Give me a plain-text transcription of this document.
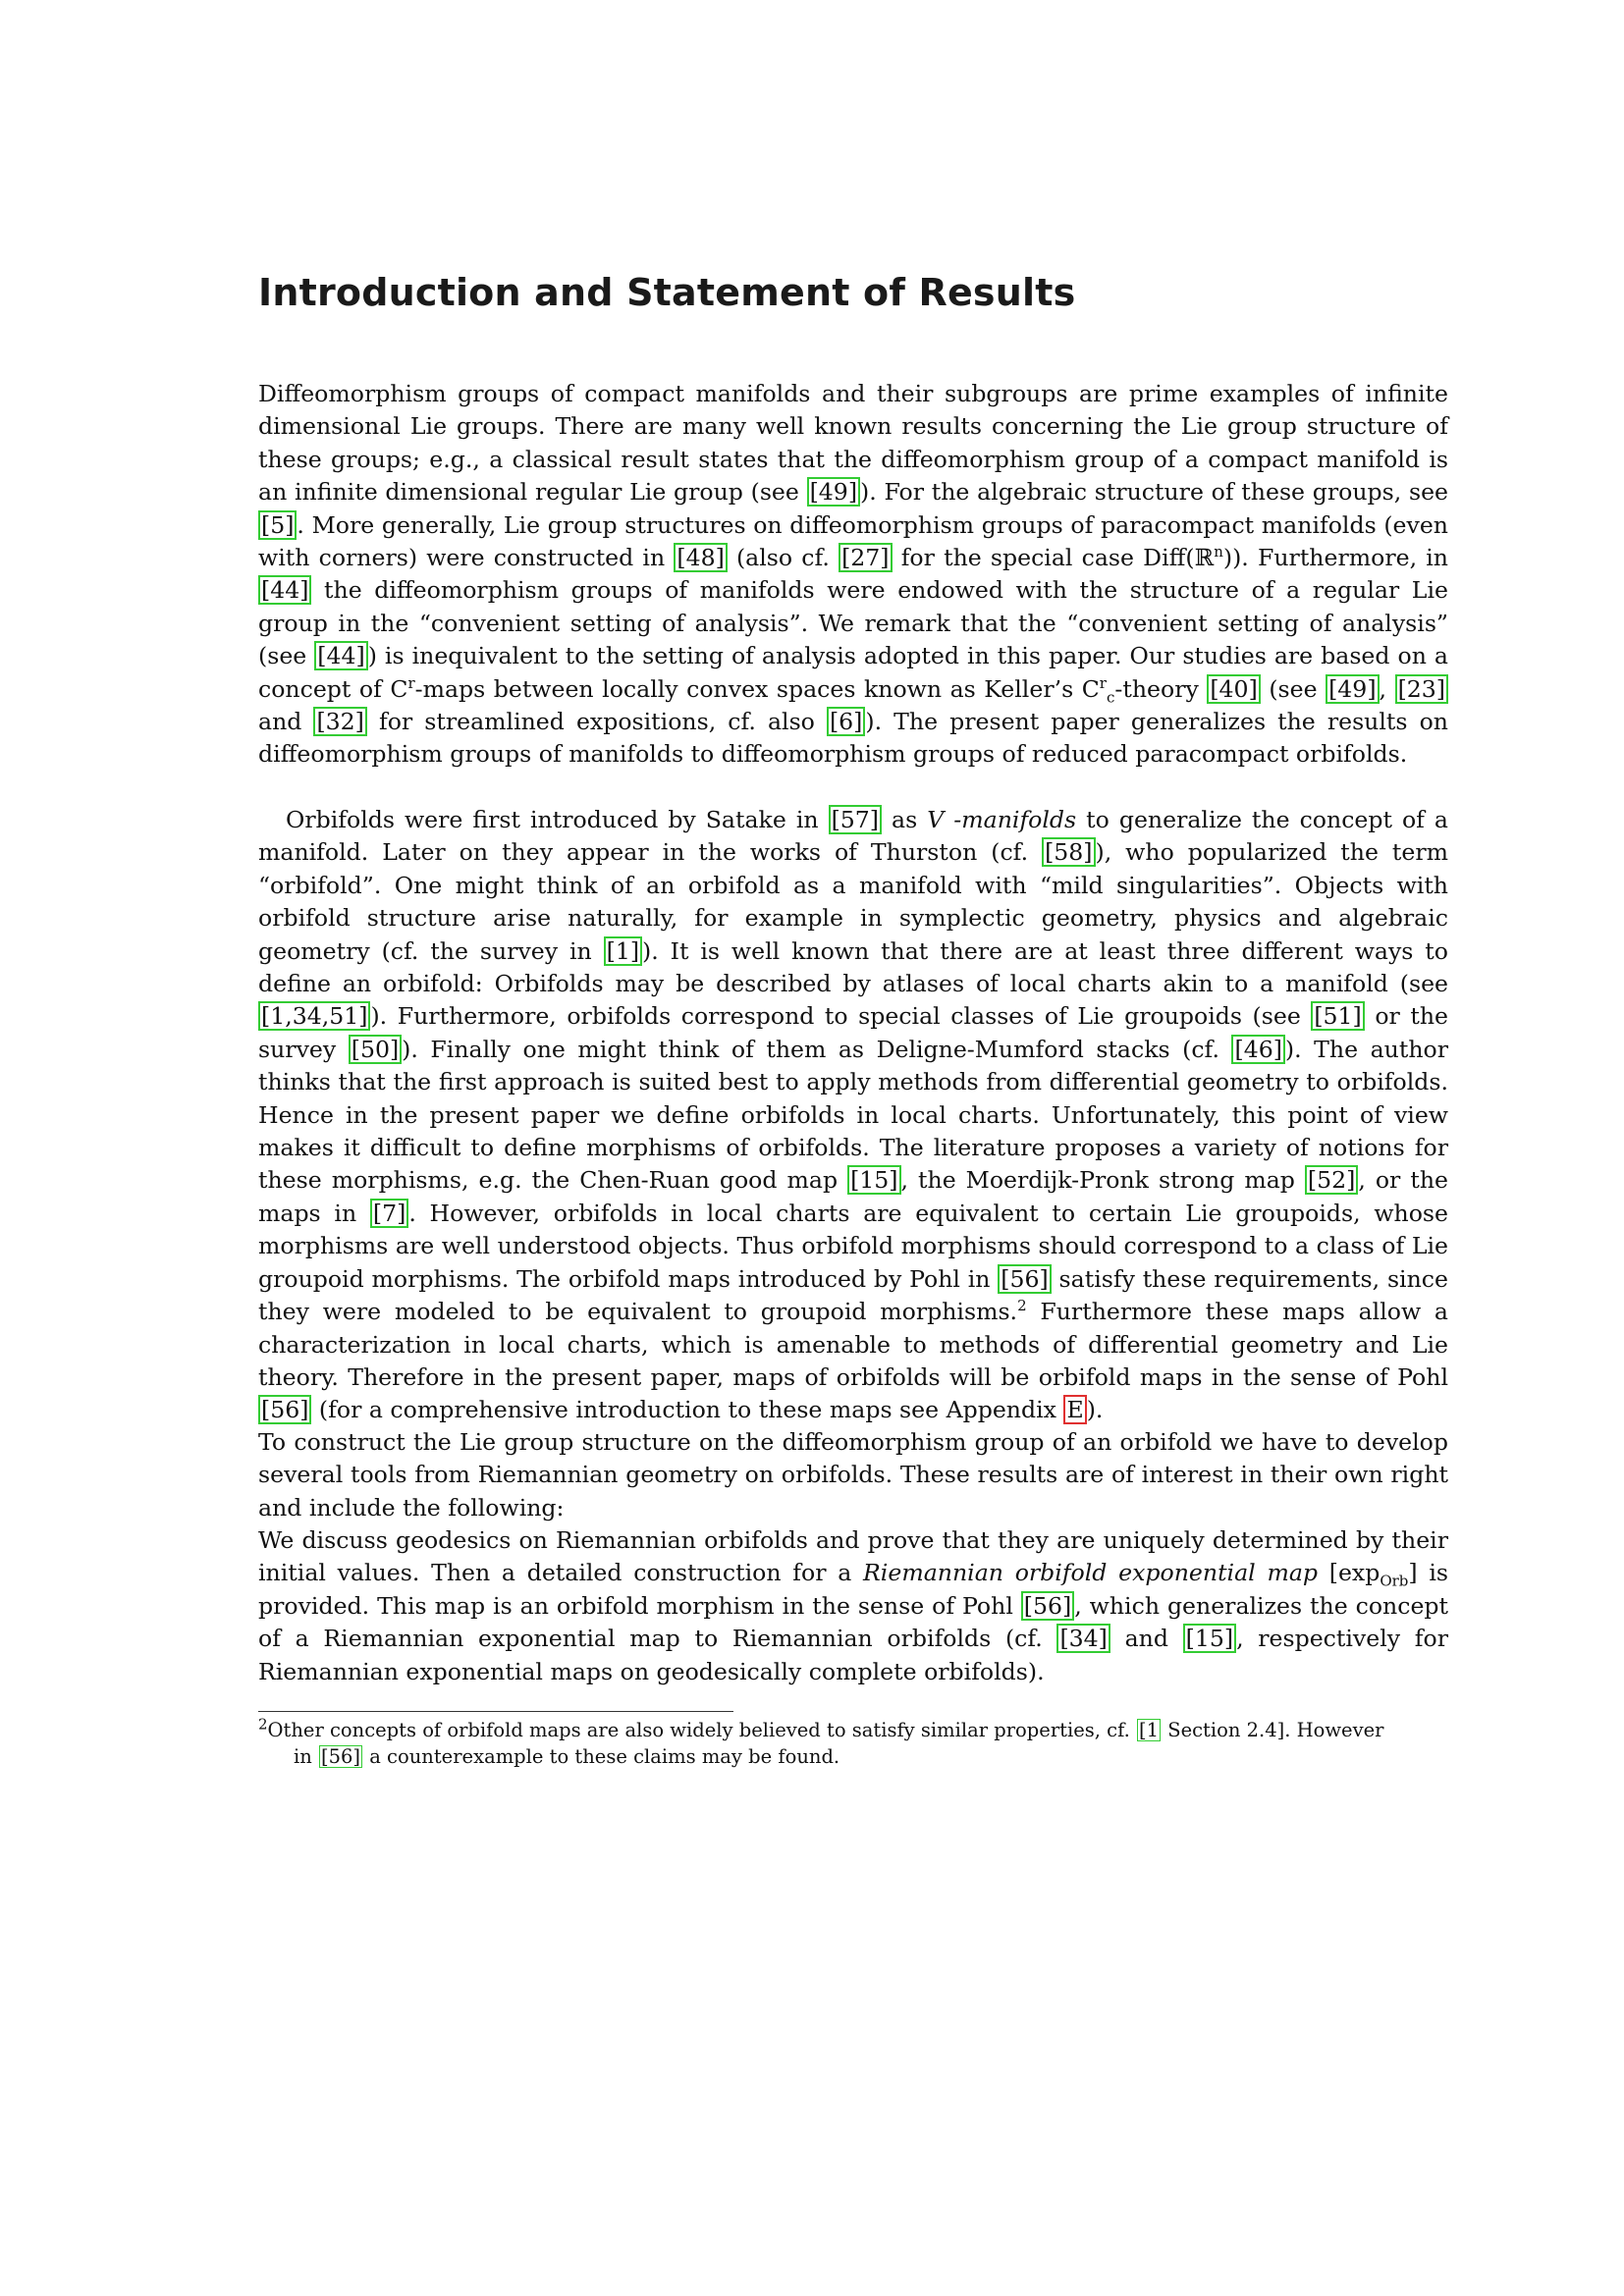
Introduction and Statement of Results

Diffeomorphism groups of compact manifolds and their subgroups are prime examples of infinite dimensional Lie groups. There are many well known results concerning the Lie group structure of these groups; e.g., a classical result states that the diffeomorphism group of a compact manifold is an infinite dimensional regular Lie group (see [49] ). For the algebraic structure of these groups, see [5] . More generally, Lie group structures on diffeomorphism groups of paracompact manifolds (even with corners) were constructed in [48] (also cf. [27] for the special case Diff(ℝ$^n$)). Furthermore, in [44] the diffeomorphism groups of manifolds were endowed with the structure of a regular Lie group in the “convenient setting of analysis”. We remark that the “convenient setting of analysis” (see [44] ) is inequivalent to the setting of analysis adopted in this paper. Our studies are based on a concept of $C^r$-maps between locally convex spaces known as Keller’s $C^r_c$-theory [40] (see [49] , [23] and [32] for streamlined expositions, cf. also [6] ). The present paper generalizes the results on diffeomorphism groups of manifolds to diffeomorphism groups of reduced paracompact orbifolds.

Orbifolds were first introduced by Satake in [57] as V -manifolds to generalize the concept of a manifold. Later on they appear in the works of Thurston (cf. [58] ), who popularized the term “orbifold”. One might think of an orbifold as a manifold with “mild singularities”. Objects with orbifold structure arise naturally, for example in symplectic geometry, physics and algebraic geometry (cf. the survey in [1] ). It is well known that there are at least three different ways to define an orbifold: Orbifolds may be described by atlases of local charts akin to a manifold (see [1,34,51] ). Furthermore, orbifolds correspond to special classes of Lie groupoids (see [51] or the survey [50] ). Finally one might think of them as Deligne-Mumford stacks (cf. [46] ). The author thinks that the first approach is suited best to apply methods from differential geometry to orbifolds. Hence in the present paper we define orbifolds in local charts. Unfortunately, this point of view makes it difficult to define morphisms of orbifolds. The literature proposes a variety of notions for these morphisms, e.g. the Chen-Ruan good map [15] , the Moerdijk-Pronk strong map [52] , or the maps in [7] . However, orbifolds in local charts are equivalent to certain Lie groupoids, whose morphisms are well understood objects. Thus orbifold morphisms should correspond to a class of Lie groupoid morphisms. The orbifold maps introduced by Pohl in [56] satisfy these requirements, since they were modeled to be equivalent to groupoid morphisms.$^2$ Furthermore these maps allow a characterization in local charts, which is amenable to methods of differential geometry and Lie theory. Therefore in the present paper, maps of orbifolds will be orbifold maps in the sense of Pohl [56] (for a comprehensive introduction to these maps see Appendix E ).

To construct the Lie group structure on the diffeomorphism group of an orbifold we have to develop several tools from Riemannian geometry on orbifolds. These results are of interest in their own right and include the following:

We discuss geodesics on Riemannian orbifolds and prove that they are uniquely determined by their initial values. Then a detailed construction for a Riemannian orbifold exponential map $[\exp_{Orb}]$ is provided. This map is an orbifold morphism in the sense of Pohl [56] , which generalizes the concept of a Riemannian exponential map to Riemannian orbifolds (cf. [34] and [15] , respectively for Riemannian exponential maps on geodesically complete orbifolds).

$^2$Other concepts of orbifold maps are also widely believed to satisfy similar properties, cf. [1 Section 2.4]. However
in [56] a counterexample to these claims may be found.
